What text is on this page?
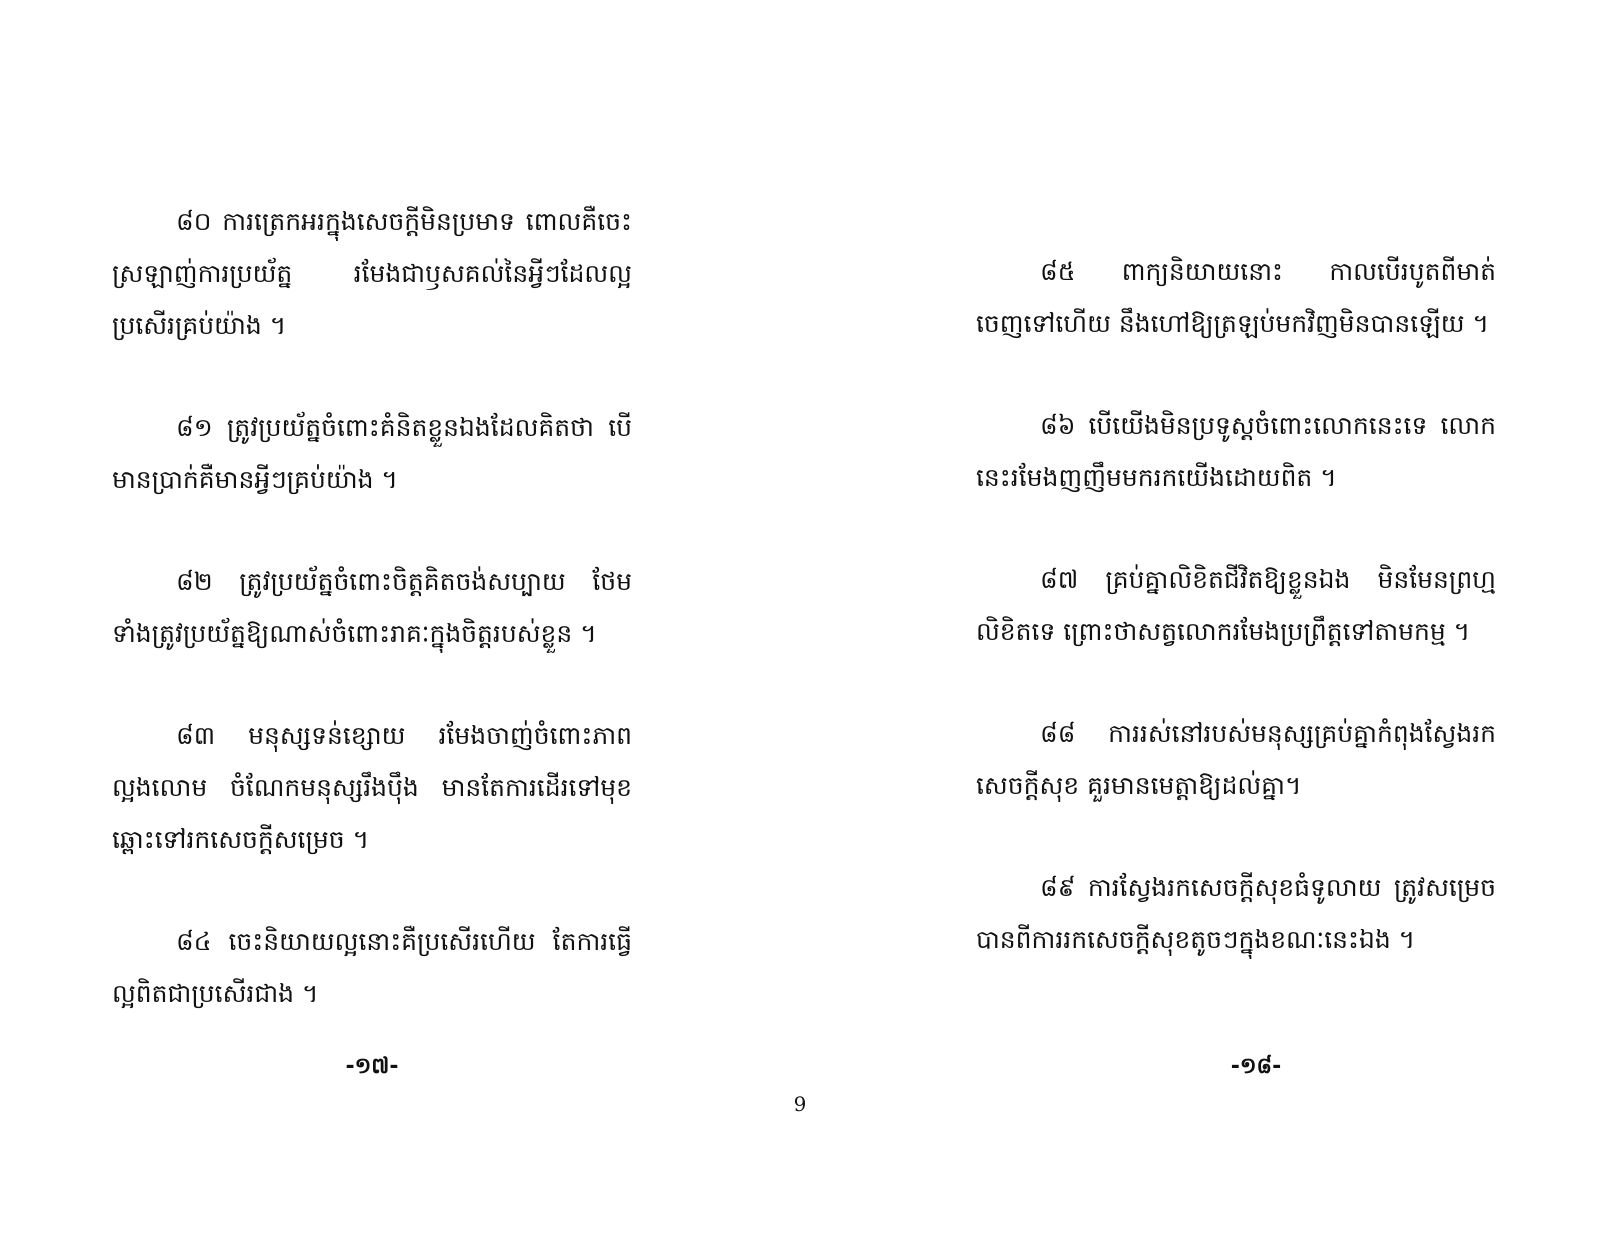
៨០ ការត្រេកអរក្នុងសេចក្តីមិនប្រមាទ ពោលគឺចេះស្រឡាញ់ការប្រយ័ត្ន រមែងជាឫសគល់នៃអ្វីៗដែលល្អប្រសើរគ្រប់យ៉ាង ។

៨១ ត្រូវប្រយ័ត្នចំពោះគំនិតខ្លួនឯងដែលគិតថា បើមានប្រាក់គឺមានអ្វីៗគ្រប់យ៉ាង ។

៨២ ត្រូវប្រយ័ត្នចំពោះចិត្តគិតចង់សប្បាយ ថែមទាំងត្រូវប្រយ័ត្នឱ្យណាស់ចំពោះរាគៈក្នុងចិត្តរបស់ខ្លួន ។

៨៣ មនុស្សទន់ខ្សោយ រមែងចាញ់ចំពោះភាពល្អងលោម ចំណែកមនុស្សរឹងប៉ឹង មានតែការដើរទៅមុខឆ្ពោះទៅរកសេចក្តីសម្រេច ។

៨៤ ចេះនិយាយល្អនោះគឺប្រសើរហើយ តែការធ្វើល្អពិតជាប្រសើរជាង ។

៨៥ ពាក្យនិយាយនោះ កាលបើរបូតពីមាត់ចេញទៅហើយ នឹងហៅឱ្យត្រឡប់មកវិញមិនបានឡើយ ។

៨៦ បើយើងមិនប្រទូស្តចំពោះលោកនេះទេ លោកនេះរមែងញញឹមមករកយើងដោយពិត ។

៨៧ គ្រប់គ្នាលិខិតជីវិតឱ្យខ្លួនឯង មិនមែនព្រហ្មលិខិតទេ ព្រោះថាសត្វលោករមែងប្រព្រឹត្តទៅតាមកម្ម ។

៨៨ ការរស់នៅរបស់មនុស្សគ្រប់គ្នាកំពុងស្វែងរកសេចក្តីសុខ គួរមានមេត្តាឱ្យដល់គ្នា។

៨៩ ការស្វែងរកសេចក្តីសុខធំទូលាយ ត្រូវសម្រេចបានពីការរកសេចក្តីសុខតូចៗក្នុងខណៈនេះឯង ។

-១៧-	-១៨-
9
